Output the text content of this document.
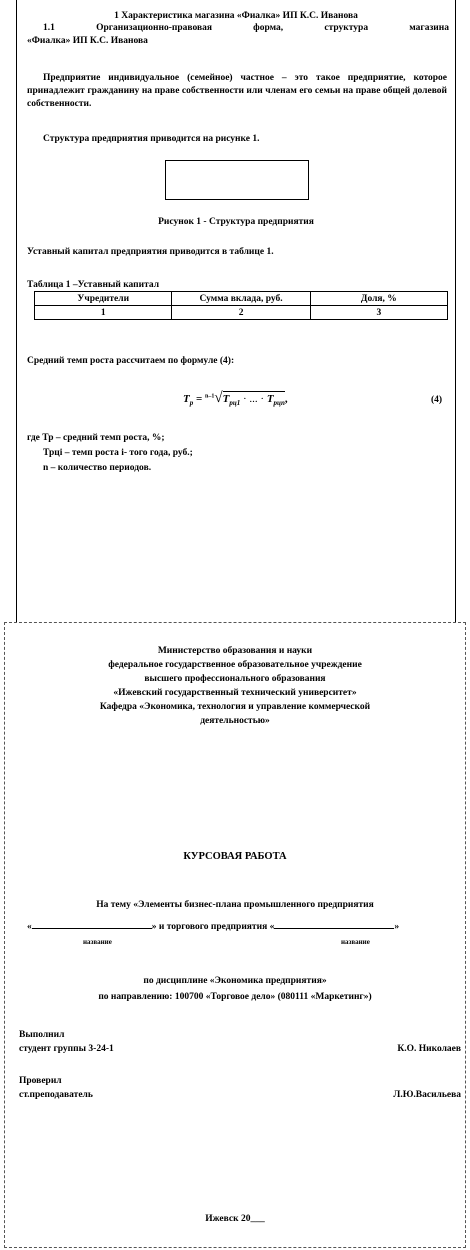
1 Характеристика магазина «Фиалка» ИП К.С. Иванова
1.1 Организационно-правовая форма, структура магазина
«Фиалка» ИП К.С. Иванова
Предприятие индивидуальное (семейное) частное – это такое предприятие, которое принадлежит гражданину на праве собственности или членам его семьи на праве общей долевой собственности.
Структура предприятия приводится на рисунке 1.
Рисунок 1 - Структура предприятия
Уставный капитал предприятия приводится в таблице 1.
Таблица 1 –Уставный капитал
Учредители	Сумма вклада, руб.	Доля, %
1	2	3
Средний темп роста рассчитаем по формуле (4):
$T_р = ^{n-1}√T_{рц1}$ · ... · $T_{рцn}$,	(4)
где Тр – средний темп роста, %;
Трці – темп роста і- того года, руб.;
n – количество периодов.
Министерство образования и науки
федеральное государственное образовательное учреждение
высшего профессионального образования
«Ижевский государственный технический университет»
Кафедра «Экономика, технология и управление коммерческой
деятельностью»
КУРСОВАЯ РАБОТА
На тему «Элементы бизнес-плана промышленного предприятия
«	» и торгового предприятия «	»
название	название
по дисциплине «Экономика предприятия»
по направлению: 100700 «Торговое дело» (080111 «Маркетинг»)
Выполнил
студент группы 3-24-1	К.О. Николаев
Проверил
ст.преподаватель	Л.Ю.Васильева
Ижевск 20___
